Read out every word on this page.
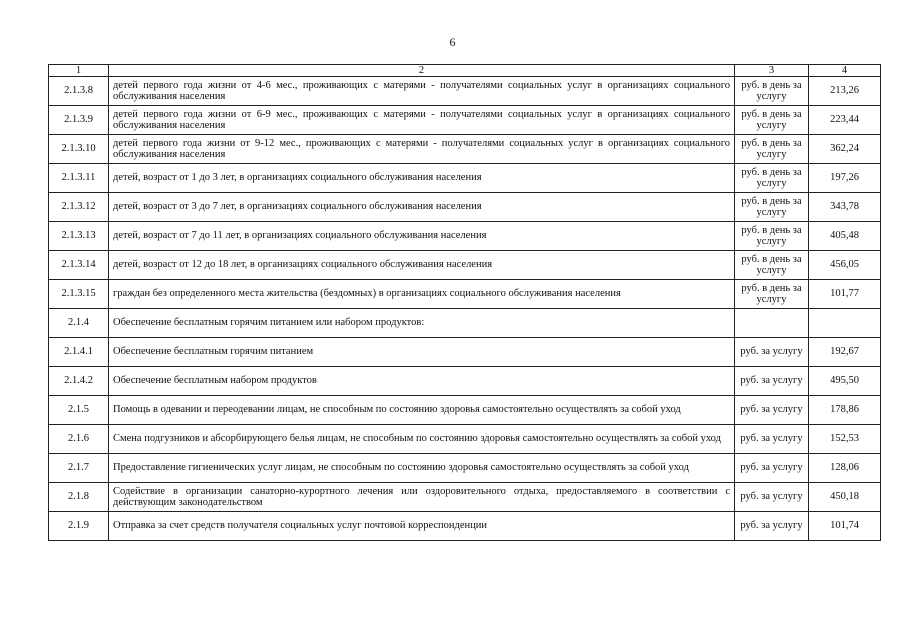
6
1	2	3	4
2.1.3.8	детей первого года жизни от 4-6 мес., проживающих с матерями - получателями социальных услуг в организациях социального обслуживания населения	руб. в день за услугу	213,26
2.1.3.9	детей первого года жизни от 6-9 мес., проживающих с матерями - получателями социальных услуг в организациях социального обслуживания населения	руб. в день за услугу	223,44
2.1.3.10	детей первого года жизни от 9-12 мес., проживающих с матерями - получателями социальных услуг в организациях социального обслуживания населения	руб. в день за услугу	362,24
2.1.3.11	детей, возраст от 1 до 3 лет, в организациях социального обслуживания населения	руб. в день за услугу	197,26
2.1.3.12	детей, возраст от 3 до 7 лет, в организациях социального обслуживания населения	руб. в день за услугу	343,78
2.1.3.13	детей, возраст от 7 до 11 лет, в организациях социального обслуживания населения	руб. в день за услугу	405,48
2.1.3.14	детей, возраст от 12 до 18 лет, в организациях социального обслуживания населения	руб. в день за услугу	456,05
2.1.3.15	граждан без определенного места жительства (бездомных) в организациях социального обслуживания населения	руб. в день за услугу	101,77
2.1.4	Обеспечение бесплатным горячим питанием или набором продуктов:		
2.1.4.1	Обеспечение бесплатным горячим питанием	руб. за услугу	192,67
2.1.4.2	Обеспечение бесплатным набором продуктов	руб. за услугу	495,50
2.1.5	Помощь в одевании и переодевании лицам, не способным по состоянию здоровья самостоятельно осуществлять за собой уход	руб. за услугу	178,86
2.1.6	Смена подгузников и абсорбирующего белья лицам, не способным по состоянию здоровья самостоятельно осуществлять за собой уход	руб. за услугу	152,53
2.1.7	Предоставление гигиенических услуг лицам, не способным по состоянию здоровья самостоятельно осуществлять за собой уход	руб. за услугу	128,06
2.1.8	Содействие в организации санаторно-курортного лечения или оздоровительного отдыха, предоставляемого в соответствии с действующим законодательством	руб. за услугу	450,18
2.1.9	Отправка за счет средств получателя социальных услуг почтовой корреспонденции	руб. за услугу	101,74
